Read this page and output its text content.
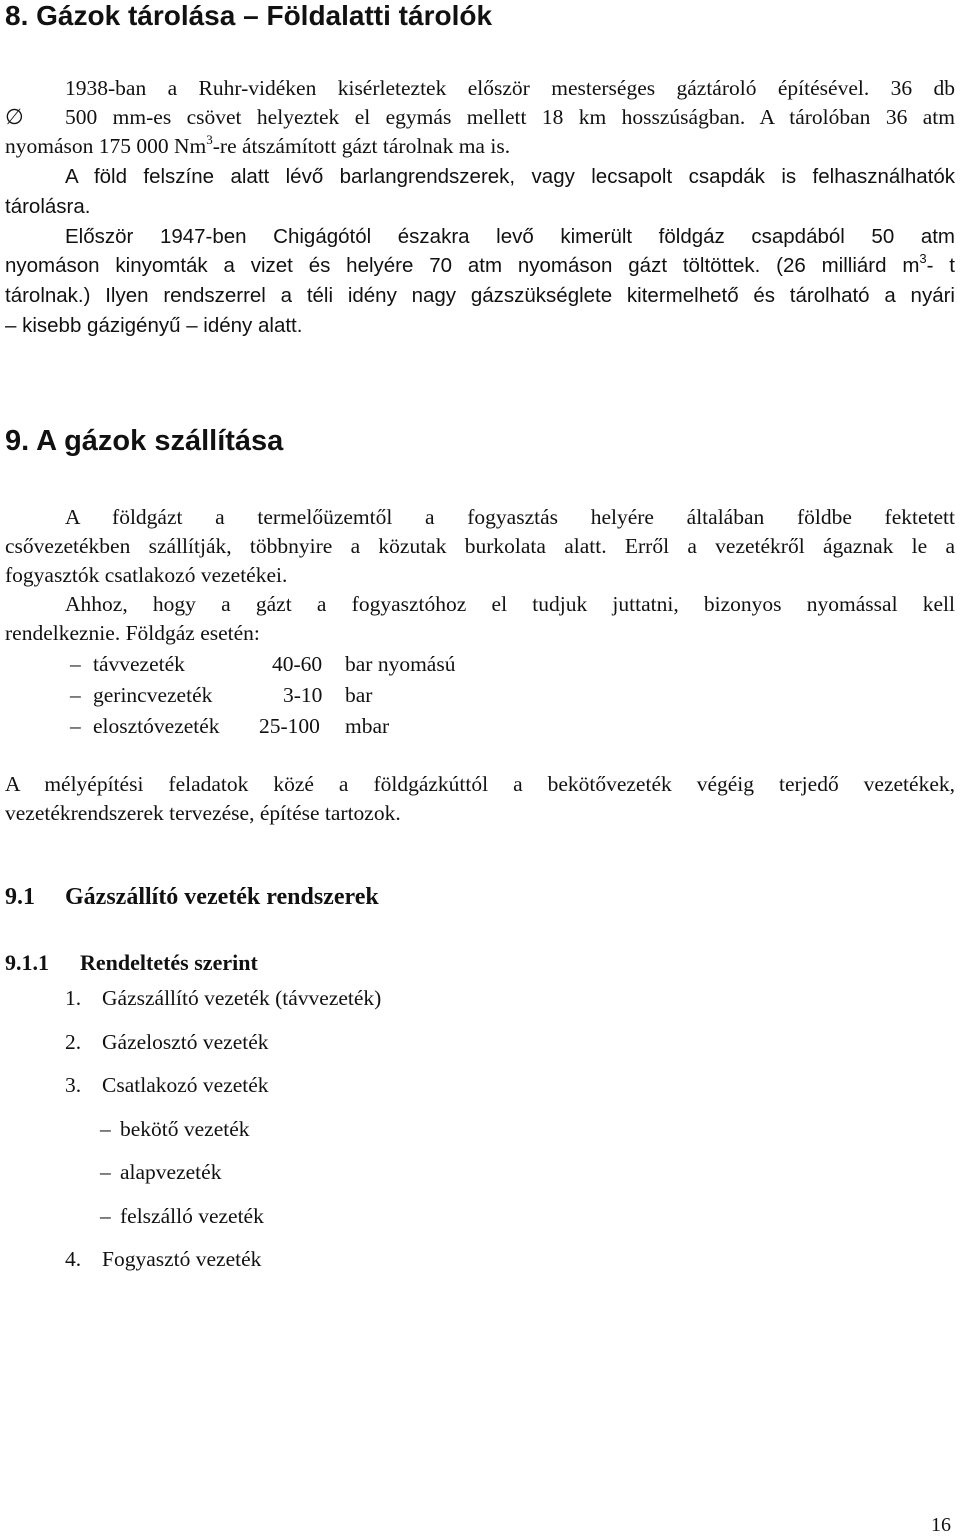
8. Gázok tárolása – Földalatti tárolók
1938-ban a Ruhr-vidéken kisérleteztek először mesterséges gáztároló építésével. 36 db
∅ 500 mm-es csövet helyeztek el egymás mellett 18 km hosszúságban. A tárolóban 36 atm
nyomáson 175 000 Nm$^3$-re átszámított gázt tárolnak ma is.
A föld felszíne alatt lévő barlangrendszerek, vagy lecsapolt csapdák is felhasználhatók
tárolásra.
Először 1947-ben Chigágótól északra levő kimerült földgáz csapdából 50 atm
nyomáson kinyomták a vizet és helyére 70 atm nyomáson gázt töltöttek. (26 milliárd $m^3-$ t
tárolnak.) Ilyen rendszerrel a téli idény nagy gázszükséglete kitermelhető és tárolható a nyári
– kisebb gázigényű – idény alatt.
9. A gázok szállítása
A földgázt a termelőüzemtől a fogyasztás helyére általában földbe fektetett
csővezetékben szállítják, többnyire a közutak burkolata alatt. Erről a vezetékről ágaznak le a
fogyasztók csatlakozó vezetékei.
Ahhoz, hogy a gázt a fogyasztóhoz el tudjuk juttatni, bizonyos nyomással kell
rendelkeznie. Földgáz esetén:
– távvezeték	40-60 bar nyomású
– gerincvezeték	3-10 bar
– elosztóvezeték 25-100 mbar
A mélyépítési feladatok közé a földgázkúttól a bekötővezeték végéig terjedő vezetékek,
vezetékrendszerek tervezése, építése tartozok.
9.1 Gázszállító vezeték rendszerek
9.1.1 Rendeltetés szerint
1. Gázszállító vezeték (távvezeték)
2. Gázelosztó vezeték
3. Csatlakozó vezeték
– bekötő vezeték
– alapvezeték
– felszálló vezeték
4. Fogyasztó vezeték
16
